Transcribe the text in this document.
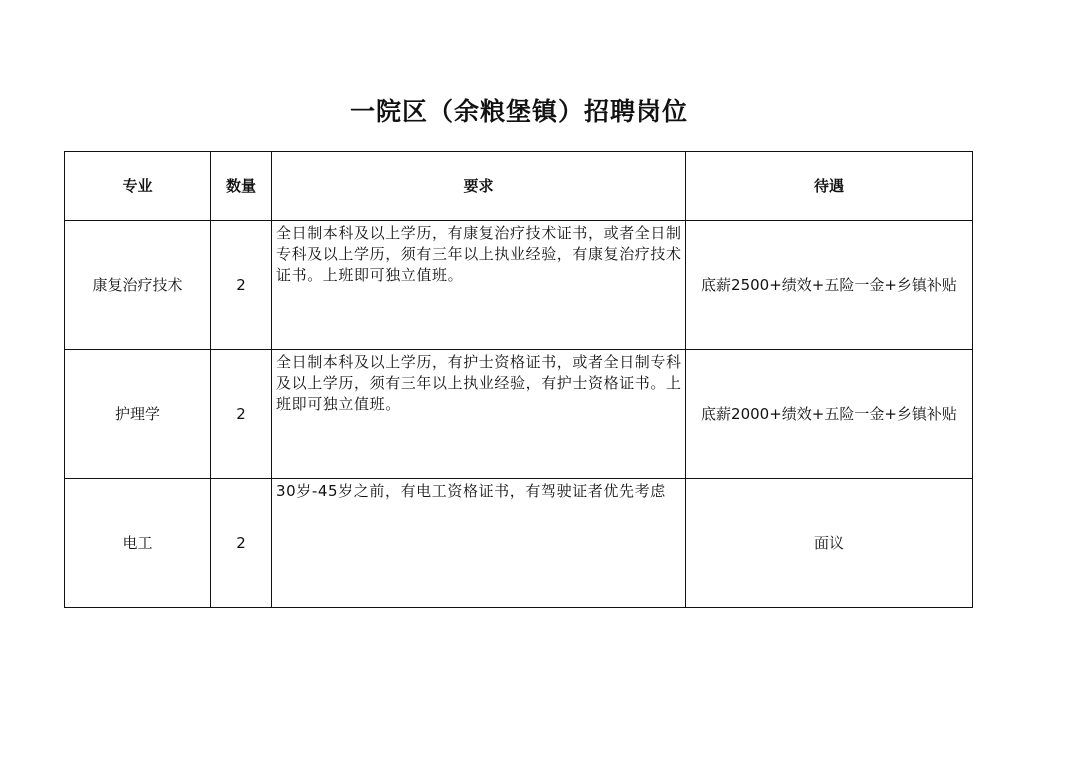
一院区（余粮堡镇）招聘岗位
专业	数量	要求	待遇
康复治疗技术	2	全日制本科及以上学历，有康复治疗技术证书，或者全日制专科及以上学历，须有三年以上执业经验，有康复治疗技术证书。上班即可独立值班。	底薪2500+绩效+五险一金+乡镇补贴
护理学	2	全日制本科及以上学历，有护士资格证书，或者全日制专科及以上学历，须有三年以上执业经验，有护士资格证书。上班即可独立值班。	底薪2000+绩效+五险一金+乡镇补贴
电工	2	30岁-45岁之前，有电工资格证书，有驾驶证者优先考虑	面议
